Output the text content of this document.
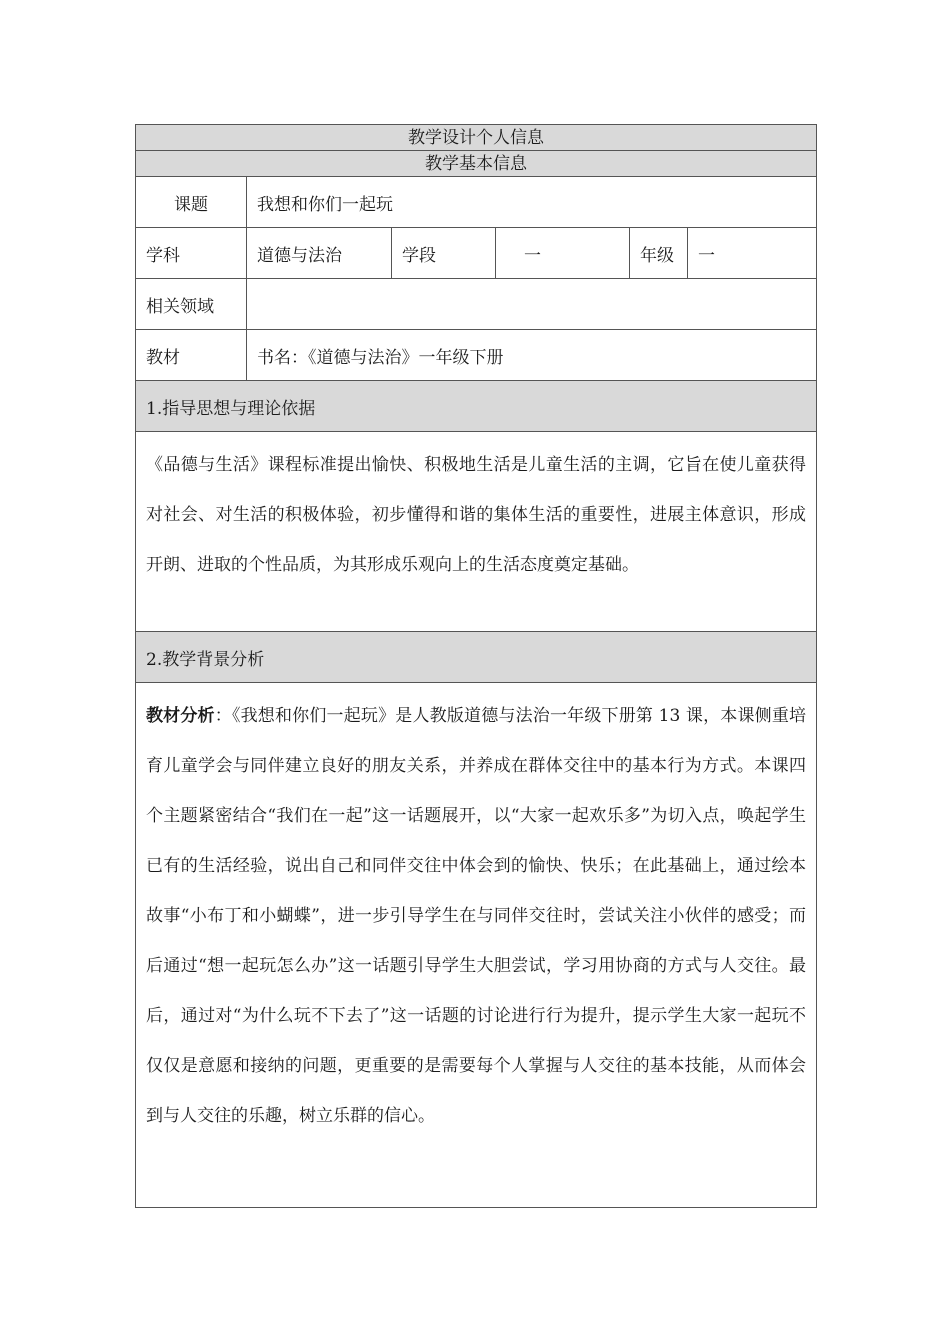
教学设计个人信息					
教学基本信息					
课题	我想和你们一起玩				
学科	道德与法治	学段	一	年级	一
相关领域					
教材	书名：《道德与法治》一年级下册				
1.指导思想与理论依据					

《品德与生活》课程标准提出愉快、积极地生活是儿童生活的主调，它旨在使儿童获得对社会、对生活的积极体验，初步懂得和谐的集体生活的重要性，进展主体意识，形成开朗、进取的个性品质，为其形成乐观向上的生活态度奠定基础。					

2.教学背景分析					

教材分析：《我想和你们一起玩》是人教版道德与法治一年级下册第 13 课，本课侧重培育儿童学会与同伴建立良好的朋友关系，并养成在群体交往中的基本行为方式。本课四个主题紧密结合“我们在一起”这一话题展开，以“大家一起欢乐多”为切入点，唤起学生已有的生活经验，说出自己和同伴交往中体会到的愉快、快乐；在此基础上，通过绘本故事“小布丁和小蝴蝶”，进一步引导学生在与同伴交往时，尝试关注小伙伴的感受；而后通过“想一起玩怎么办”这一话题引导学生大胆尝试，学习用协商的方式与人交往。最后，通过对“为什么玩不下去了”这一话题的讨论进行行为提升，提示学生大家一起玩不仅仅是意愿和接纳的问题，更重要的是需要每个人掌握与人交往的基本技能，从而体会到与人交往的乐趣，树立乐群的信心。					
